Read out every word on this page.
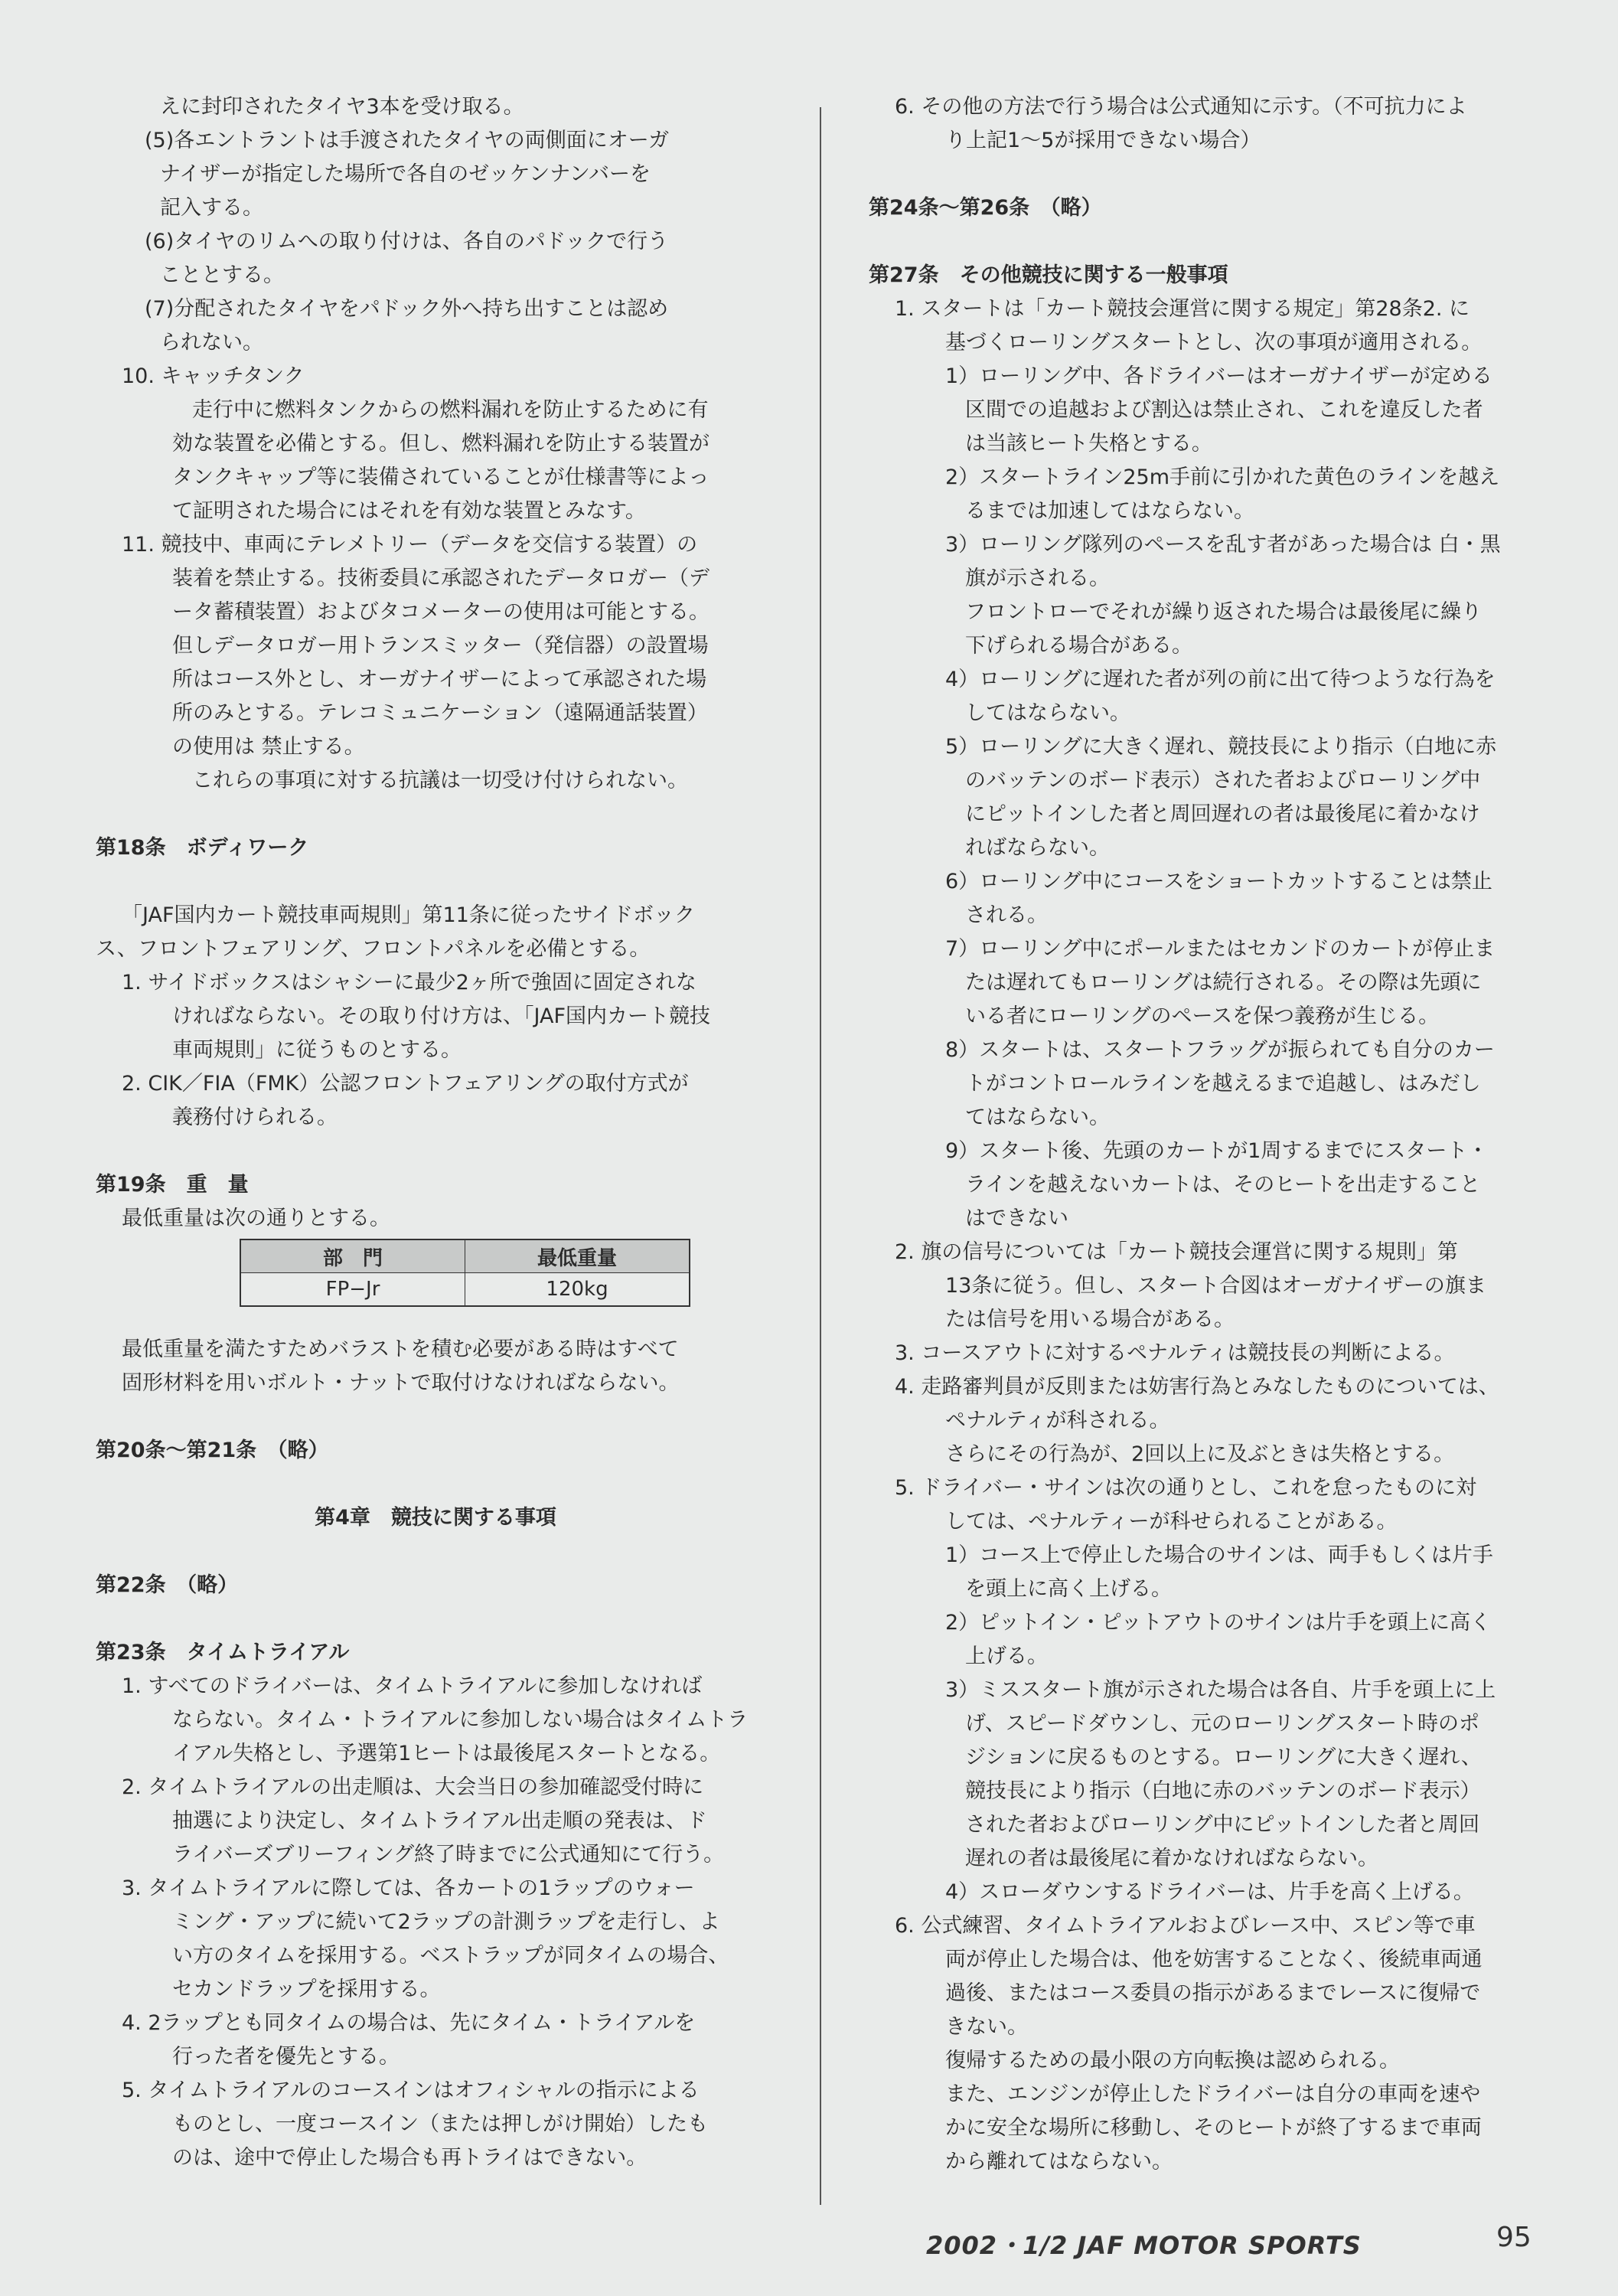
えに封印されたタイヤ3本を受け取る。
(5)各エントラントは手渡されたタイヤの両側面にオーガ
ナイザーが指定した場所で各自のゼッケンナンバーを
記入する。
(6)タイヤのリムへの取り付けは、各自のパドックで行う
こととする。
(7)分配されたタイヤをパドック外へ持ち出すことは認め
られない。
10. キャッチタンク
走行中に燃料タンクからの燃料漏れを防止するために有
効な装置を必備とする。但し、燃料漏れを防止する装置が
タンクキャップ等に装備されていることが仕様書等によっ
て証明された場合にはそれを有効な装置とみなす。
11. 競技中、車両にテレメトリー（データを交信する装置）の
装着を禁止する。技術委員に承認されたデータロガー（デ
ータ蓄積装置）およびタコメーターの使用は可能とする。
但しデータロガー用トランスミッター（発信器）の設置場
所はコース外とし、オーガナイザーによって承認された場
所のみとする。テレコミュニケーション（遠隔通話装置）
の使用は 禁止する。
これらの事項に対する抗議は一切受け付けられない。
第18条　ボディワーク
「JAF国内カート競技車両規則」第11条に従ったサイドボック
ス、フロントフェアリング、フロントパネルを必備とする。
1. サイドボックスはシャシーに最少2ヶ所で強固に固定されな
ければならない。その取り付け方は、「JAF国内カート競技
車両規則」に従うものとする。
2. CIK／FIA（FMK）公認フロントフェアリングの取付方式が
義務付けられる。
第19条　重　量
最低重量は次の通りとする。
部　門	最低重量
FP−Jr	120kg
最低重量を満たすためバラストを積む必要がある時はすべて
固形材料を用いボルト・ナットで取付けなければならない。
第20条〜第21条　（略）
第4章　競技に関する事項
第22条　（略）
第23条　タイムトライアル
1. すべてのドライバーは、タイムトライアルに参加しなければ
ならない。タイム・トライアルに参加しない場合はタイムトラ
イアル失格とし、予選第1ヒートは最後尾スタートとなる。
2. タイムトライアルの出走順は、大会当日の参加確認受付時に
抽選により決定し、タイムトライアル出走順の発表は、ド
ライバーズブリーフィング終了時までに公式通知にて行う。
3. タイムトライアルに際しては、各カートの1ラップのウォー
ミング・アップに続いて2ラップの計測ラップを走行し、よ
い方のタイムを採用する。ベストラップが同タイムの場合、
セカンドラップを採用する。
4. 2ラップとも同タイムの場合は、先にタイム・トライアルを
行った者を優先とする。
5. タイムトライアルのコースインはオフィシャルの指示による
ものとし、一度コースイン（または押しがけ開始）したも
のは、途中で停止した場合も再トライはできない。
6. その他の方法で行う場合は公式通知に示す。（不可抗力によ
り上記1〜5が採用できない場合）
第24条〜第26条　（略）
第27条　その他競技に関する一般事項
1. スタートは「カート競技会運営に関する規定」第28条2. に
基づくローリングスタートとし、次の事項が適用される。
1）ローリング中、各ドライバーはオーガナイザーが定める
区間での追越および割込は禁止され、これを違反した者
は当該ヒート失格とする。
2）スタートライン25m手前に引かれた黄色のラインを越え
るまでは加速してはならない。
3）ローリング隊列のペースを乱す者があった場合は 白・黒
旗が示される。
フロントローでそれが繰り返された場合は最後尾に繰り
下げられる場合がある。
4）ローリングに遅れた者が列の前に出て待つような行為を
してはならない。
5）ローリングに大きく遅れ、競技長により指示（白地に赤
のバッテンのボード表示）された者およびローリング中
にピットインした者と周回遅れの者は最後尾に着かなけ
ればならない。
6）ローリング中にコースをショートカットすることは禁止
される。
7）ローリング中にポールまたはセカンドのカートが停止ま
たは遅れてもローリングは続行される。その際は先頭に
いる者にローリングのペースを保つ義務が生じる。
8）スタートは、スタートフラッグが振られても自分のカー
トがコントロールラインを越えるまで追越し、はみだし
てはならない。
9）スタート後、先頭のカートが1周するまでにスタート・
ラインを越えないカートは、そのヒートを出走すること
はできない
2. 旗の信号については「カート競技会運営に関する規則」第
13条に従う。但し、スタート合図はオーガナイザーの旗ま
たは信号を用いる場合がある。
3. コースアウトに対するペナルティは競技長の判断による。
4. 走路審判員が反則または妨害行為とみなしたものについては、
ペナルティが科される。
さらにその行為が、2回以上に及ぶときは失格とする。
5. ドライバー・サインは次の通りとし、これを怠ったものに対
しては、ペナルティーが科せられることがある。
1）コース上で停止した場合のサインは、両手もしくは片手
を頭上に高く上げる。
2）ピットイン・ピットアウトのサインは片手を頭上に高く
上げる。
3）ミススタート旗が示された場合は各自、片手を頭上に上
げ、スピードダウンし、元のローリングスタート時のポ
ジションに戻るものとする。ローリングに大きく遅れ、
競技長により指示（白地に赤のバッテンのボード表示）
された者およびローリング中にピットインした者と周回
遅れの者は最後尾に着かなければならない。
4）スローダウンするドライバーは、片手を高く上げる。
6. 公式練習、タイムトライアルおよびレース中、スピン等で車
両が停止した場合は、他を妨害することなく、後続車両通
過後、またはコース委員の指示があるまでレースに復帰で
きない。
復帰するための最小限の方向転換は認められる。
また、エンジンが停止したドライバーは自分の車両を速や
かに安全な場所に移動し、そのヒートが終了するまで車両
から離れてはならない。
2002・1/2 JAF MOTOR SPORTS	95
